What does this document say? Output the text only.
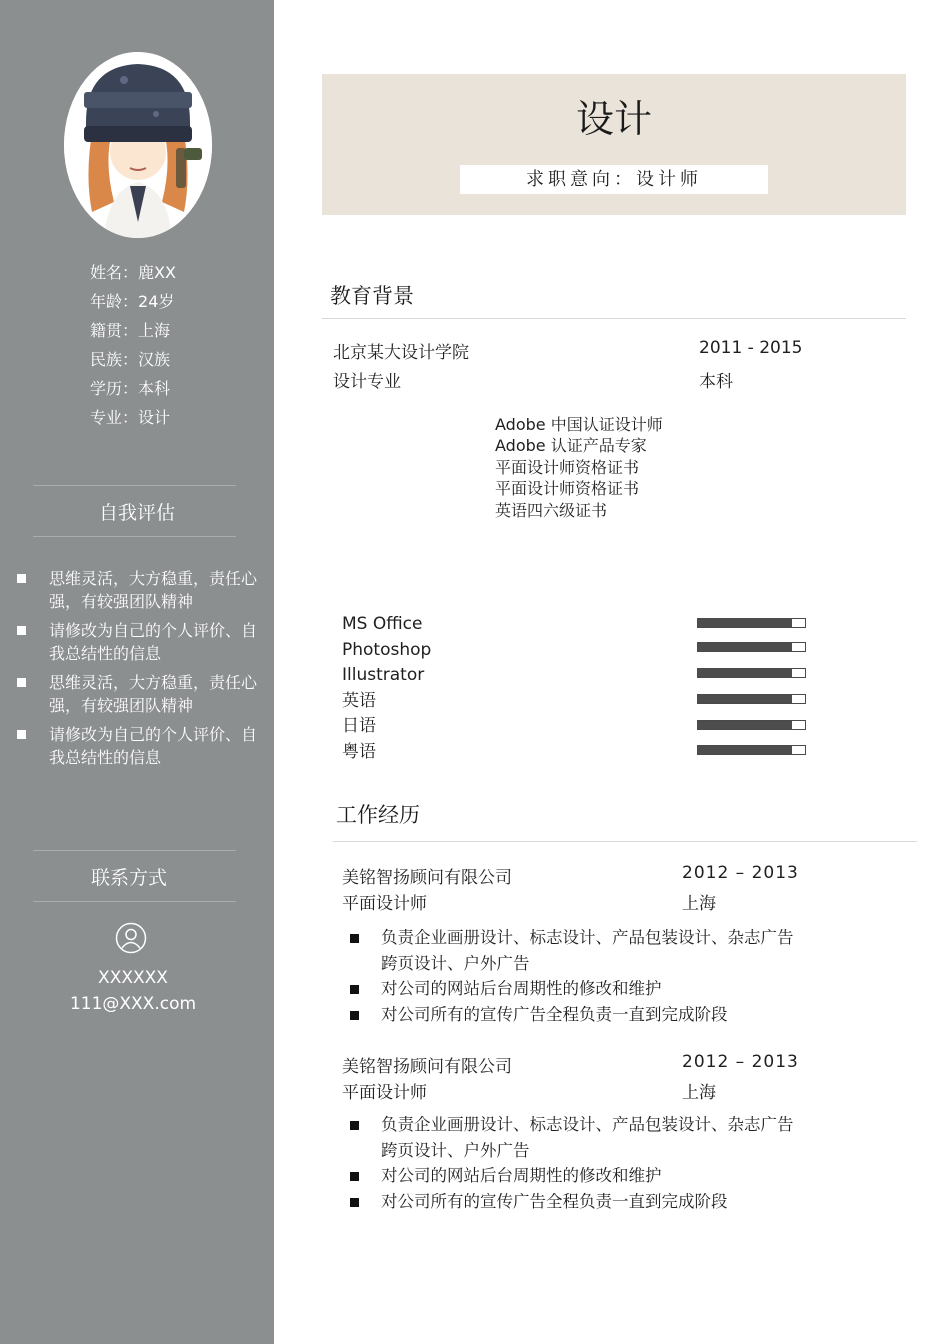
姓名：鹿XX
年龄：24岁
籍贯：上海
民族：汉族
学历：本科
专业：设计
自我评估
思维灵活，大方稳重，责任心强，有较强团队精神
请修改为自己的个人评价、自我总结性的信息
思维灵活，大方稳重，责任心强，有较强团队精神
请修改为自己的个人评价、自我总结性的信息
联系方式
XXXXXX
111@XXX.com
设计
求职意向：设计师
教育背景
北京某大设计学院	2011 - 2015
设计专业	本科
Adobe 中国认证设计师
Adobe 认证产品专家
平面设计师资格证书
平面设计师资格证书
英语四六级证书
MS Office
Photoshop
Illustrator
英语
日语
粤语
工作经历
美铭智扬顾问有限公司	2012 – 2013
平面设计师	上海
负责企业画册设计、标志设计、产品包装设计、杂志广告跨页设计、户外广告
对公司的网站后台周期性的修改和维护
对公司所有的宣传广告全程负责一直到完成阶段
美铭智扬顾问有限公司	2012 – 2013
平面设计师	上海
负责企业画册设计、标志设计、产品包装设计、杂志广告跨页设计、户外广告
对公司的网站后台周期性的修改和维护
对公司所有的宣传广告全程负责一直到完成阶段
